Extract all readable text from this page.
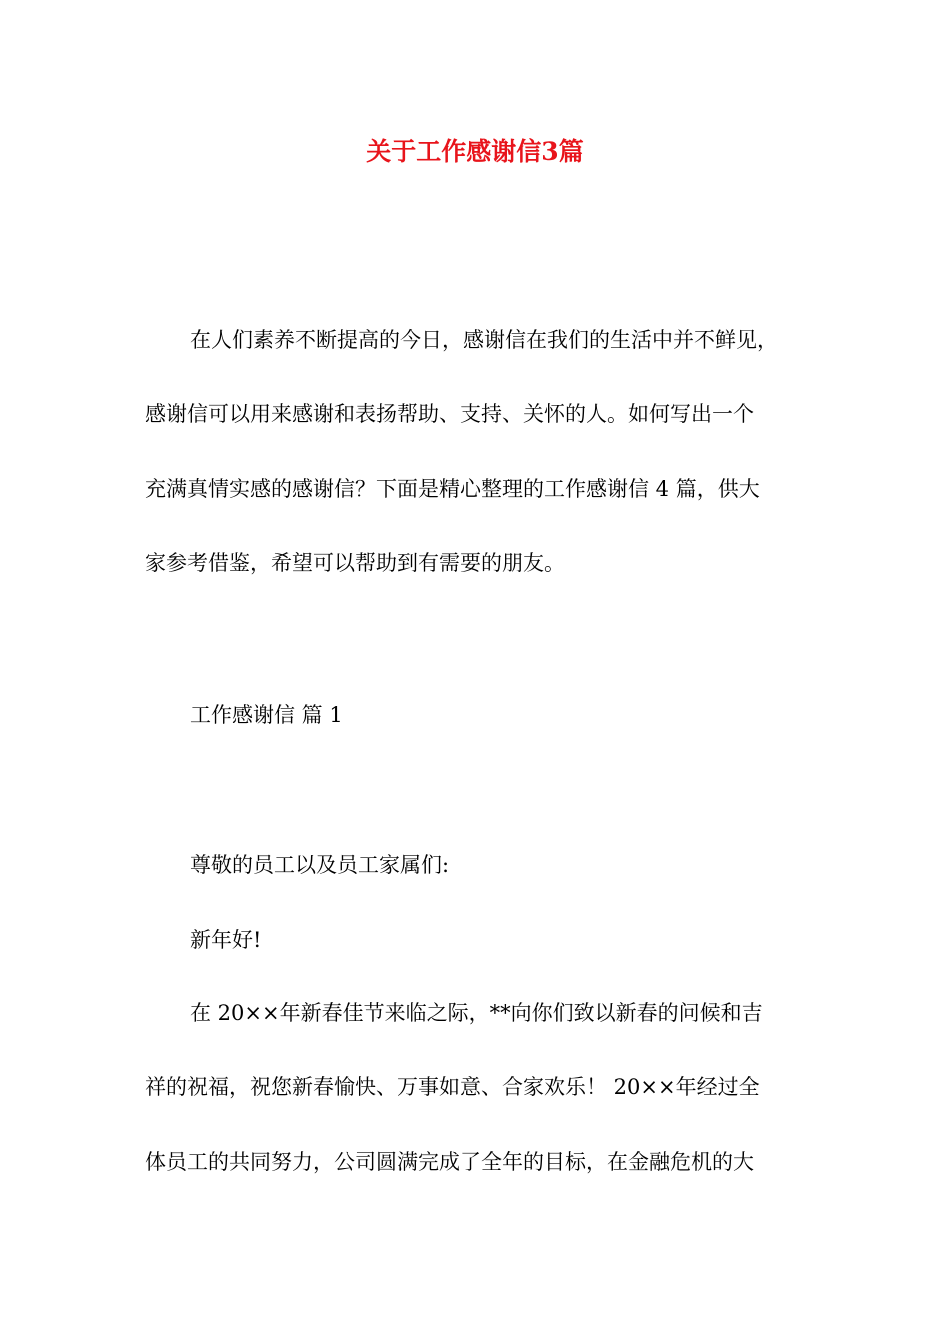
关于工作感谢信3篇

在人们素养不断提高的今日，感谢信在我们的生活中并不鲜见，

感谢信可以用来感谢和表扬帮助、支持、关怀的人。如何写出一个

充满真情实感的感谢信？下面是精心整理的工作感谢信 4 篇，供大

家参考借鉴，希望可以帮助到有需要的朋友。

工作感谢信 篇 1

尊敬的员工以及员工家属们:

新年好!

在 20××年新春佳节来临之际，**向你们致以新春的问候和吉

祥的祝福，祝您新春愉快、万事如意、合家欢乐！ 20××年经过全

体员工的共同努力，公司圆满完成了全年的目标，在金融危机的大
